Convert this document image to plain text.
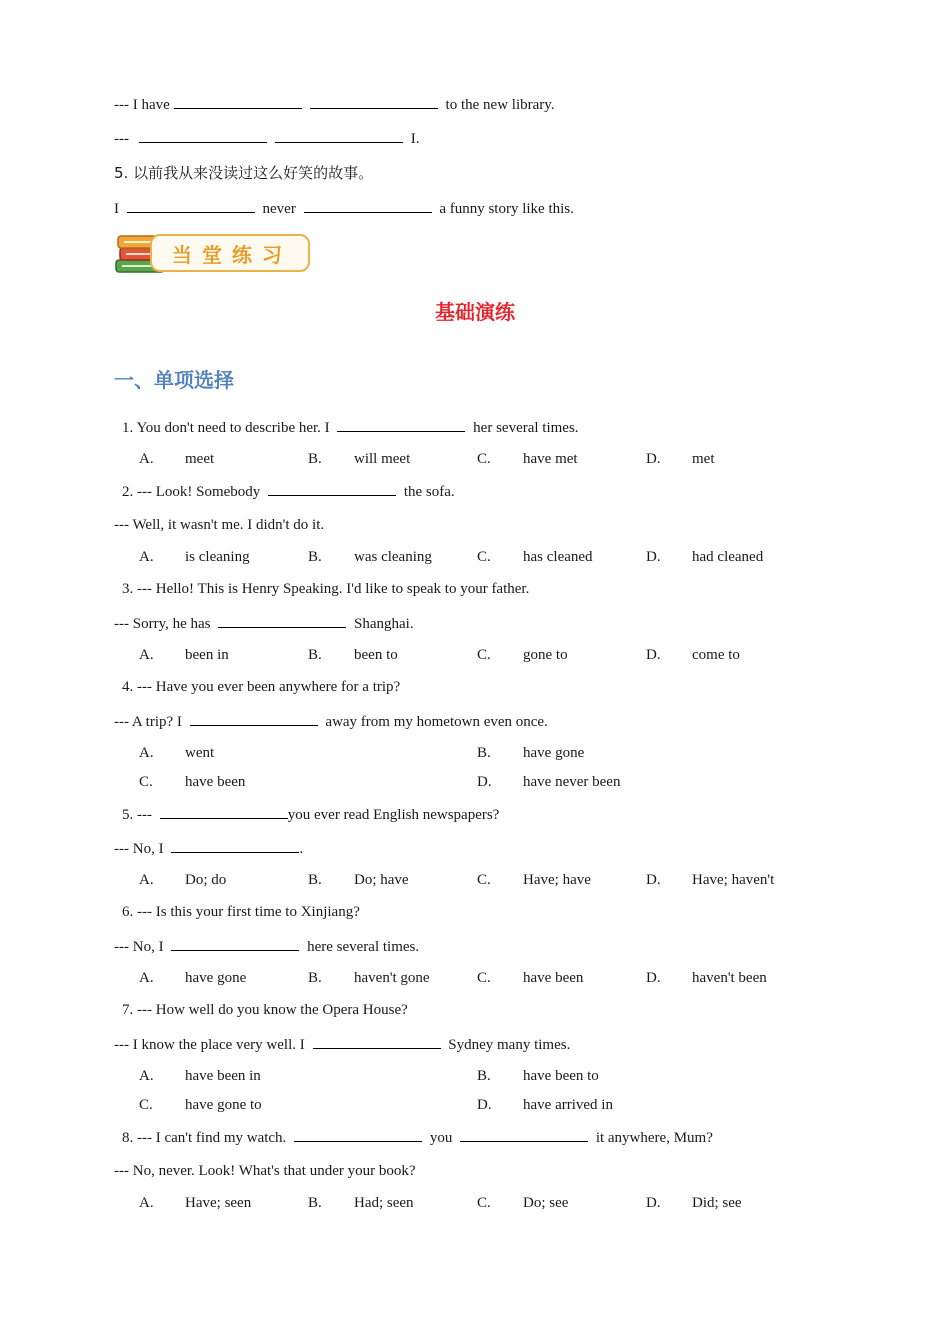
--- I have	to the new library.
---	I.
5. 以前我从来没读过这么好笑的故事。
I	never	a funny story like this.
当堂练习
基础演练
一、单项选择
1. You don't need to describe her. I	her several times.
A. meet	B. will meet	C. have met	D. met
2. --- Look! Somebody	the sofa.
--- Well, it wasn't me. I didn't do it.
A. is cleaning	B. was cleaning	C. has cleaned	D. had cleaned
3. --- Hello! This is Henry Speaking. I'd like to speak to your father.
--- Sorry, he has	Shanghai.
A. been in	B. been to	C. gone to	D. come to
4. --- Have you ever been anywhere for a trip?
--- A trip? I	away from my hometown even once.
A. went	B. have gone
C. have been	D. have never been
5. ---	you ever read English newspapers?
--- No, I	.
A. Do; do	B. Do; have	C. Have; have	D. Have; haven't
6. --- Is this your first time to Xinjiang?
--- No, I	here several times.
A. have gone	B. haven't gone	C. have been	D. haven't been
7. --- How well do you know the Opera House?
--- I know the place very well. I	Sydney many times.
A. have been in	B. have been to
C. have gone to	D. have arrived in
8. --- I can't find my watch.	you	it anywhere, Mum?
--- No, never. Look! What's that under your book?
A. Have; seen	B. Had; seen	C. Do; see	D. Did; see
